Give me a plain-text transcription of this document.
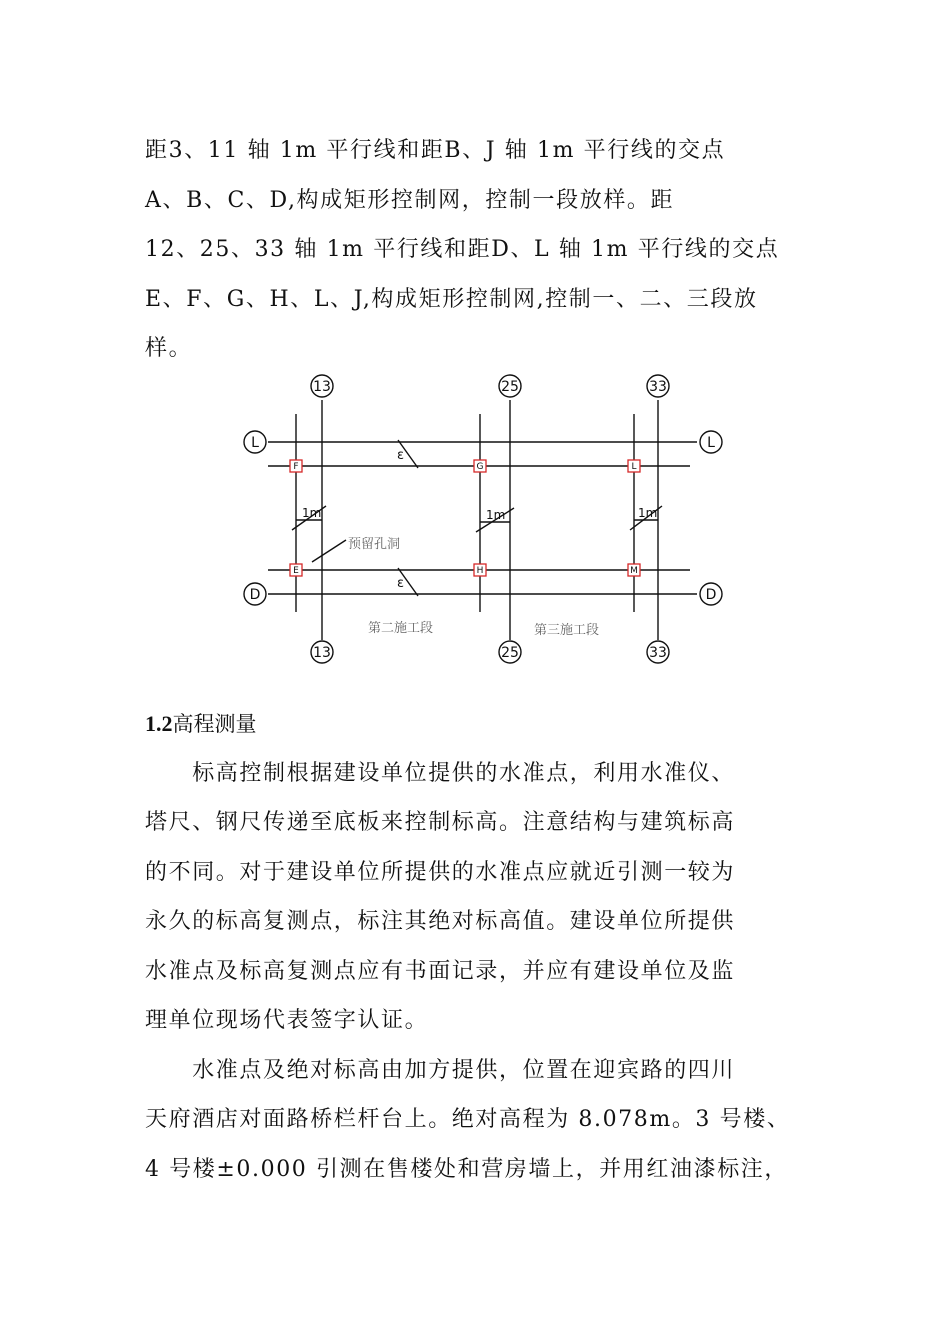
距3、11 轴 1m 平行线和距B、J 轴 1m 平行线的交点
A、B、C、D,构成矩形控制网，控制一段放样。距
12、25、33 轴 1m 平行线和距D、L 轴 1m 平行线的交点
E、F、G、H、L、J,构成矩形控制网,控制一、二、三段放
样。
F	G	L
E	H	M
13	25	33
13	25	33
L	L
D	D
1m	1m	1m
ε
ε
预留孔洞
第二施工段	第三施工段
1.2高程测量
　　标高控制根据建设单位提供的水准点，利用水准仪、
塔尺、钢尺传递至底板来控制标高。注意结构与建筑标高
的不同。对于建设单位所提供的水准点应就近引测一较为
永久的标高复测点，标注其绝对标高值。建设单位所提供
水准点及标高复测点应有书面记录，并应有建设单位及监
理单位现场代表签字认证。
　　水准点及绝对标高由加方提供，位置在迎宾路的四川
天府酒店对面路桥栏杆台上。绝对高程为 8.078m。3 号楼、
4 号楼±0.000 引测在售楼处和营房墙上，并用红油漆标注，
